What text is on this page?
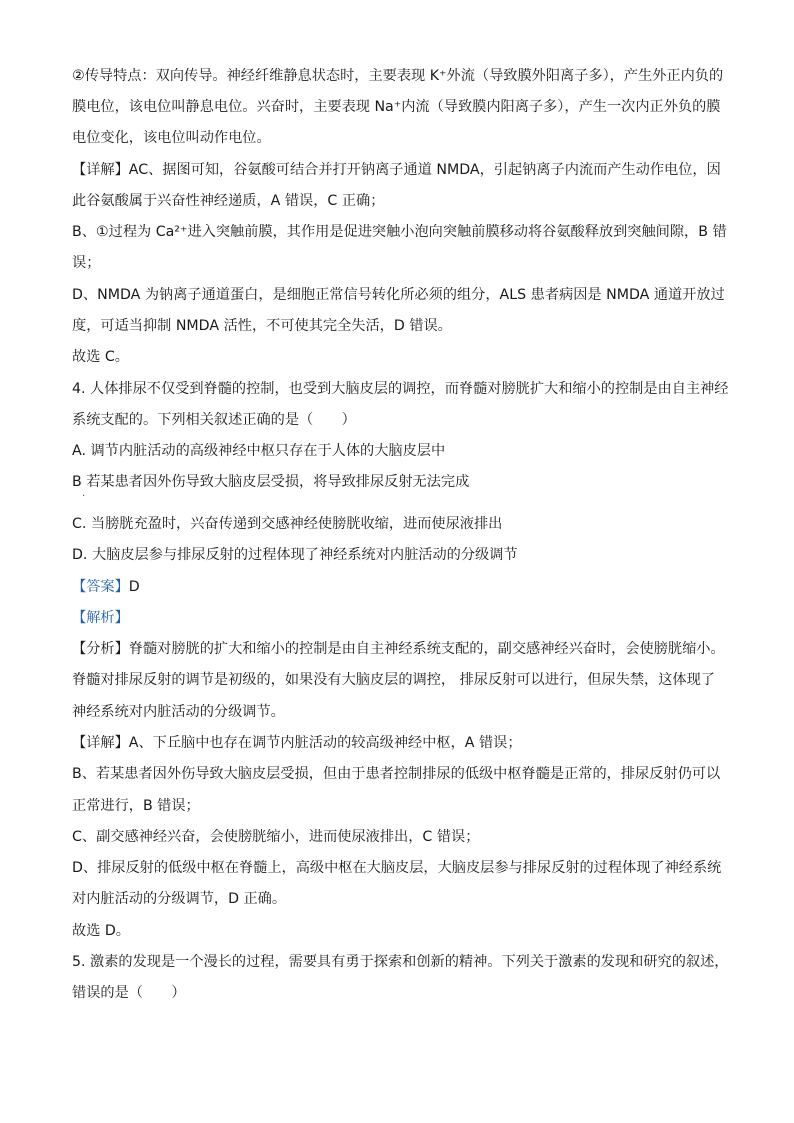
②传导特点：双向传导。神经纤维静息状态时，主要表现 K⁺外流（导致膜外阳离子多），产生外正内负的
膜电位，该电位叫静息电位。兴奋时，主要表现 Na⁺内流（导致膜内阳离子多），产生一次内正外负的膜
电位变化，该电位叫动作电位。
【详解】AC、据图可知，谷氨酸可结合并打开钠离子通道 NMDA，引起钠离子内流而产生动作电位，因
此谷氨酸属于兴奋性神经递质，A 错误，C 正确；
B、①过程为 Ca²⁺进入突触前膜，其作用是促进突触小泡向突触前膜移动将谷氨酸释放到突触间隙，B 错
误；
D、NMDA 为钠离子通道蛋白，是细胞正常信号转化所必须的组分，ALS 患者病因是 NMDA 通道开放过
度，可适当抑制 NMDA 活性，不可使其完全失活，D 错误。
故选 C。
4. 人体排尿不仅受到脊髓的控制，也受到大脑皮层的调控，而脊髓对膀胱扩大和缩小的控制是由自主神经
系统支配的。下列相关叙述正确的是（　　）
A. 调节内脏活动的高级神经中枢只存在于人体的大脑皮层中
B 若某患者因外伤导致大脑皮层受损，将导致排尿反射无法完成
·
C. 当膀胱充盈时，兴奋传递到交感神经使膀胱收缩，进而使尿液排出
D. 大脑皮层参与排尿反射的过程体现了神经系统对内脏活动的分级调节
【答案】D
【解析】
【分析】脊髓对膀胱的扩大和缩小的控制是由自主神经系统支配的，副交感神经兴奋时，会使膀胱缩小。
脊髓对排尿反射的调节是初级的，如果没有大脑皮层的调控， 排尿反射可以进行，但尿失禁，这体现了
神经系统对内脏活动的分级调节。
【详解】A、下丘脑中也存在调节内脏活动的较高级神经中枢，A 错误；
B、若某患者因外伤导致大脑皮层受损，但由于患者控制排尿的低级中枢脊髓是正常的，排尿反射仍可以
正常进行，B 错误；
C、副交感神经兴奋，会使膀胱缩小，进而使尿液排出，C 错误；
D、排尿反射的低级中枢在脊髓上，高级中枢在大脑皮层，大脑皮层参与排尿反射的过程体现了神经系统
对内脏活动的分级调节，D 正确。
故选 D。
5. 激素的发现是一个漫长的过程，需要具有勇于探索和创新的精神。下列关于激素的发现和研究的叙述，
错误的是（　　）
